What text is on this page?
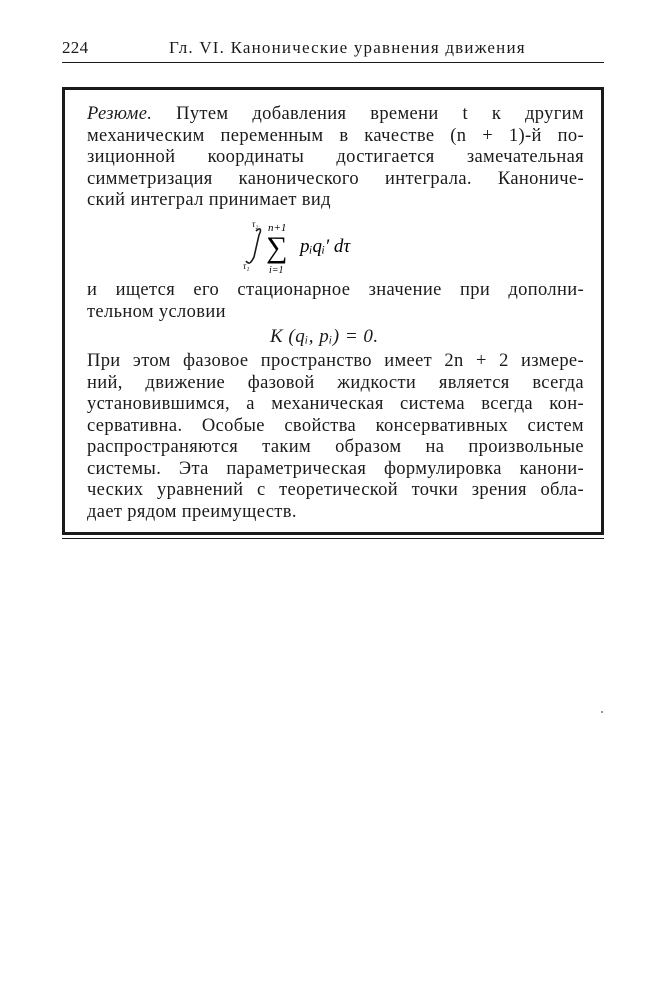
224	Гл. VI. Канонические уравнения движения
Резюме. Путем добавления времени t к другим
механическим переменным в качестве (n + 1)-й по-
зиционной координаты достигается замечательная
симметризация канонического интеграла. Канониче-
ский интеграл принимает вид
τ₂
τ₁
n+1
∑
i=1
pᵢqᵢ′ dτ
и ищется его стационарное значение при дополни-
тельном условии
K (qᵢ, pᵢ) = 0.
При этом фазовое пространство имеет 2n + 2 измере-
ний, движение фазовой жидкости является всегда
установившимся, а механическая система всегда кон-
сервативна. Особые свойства консервативных систем
распространяются таким образом на произвольные
системы. Эта параметрическая формулировка канони-
ческих уравнений с теоретической точки зрения обла-
дает рядом преимуществ.
